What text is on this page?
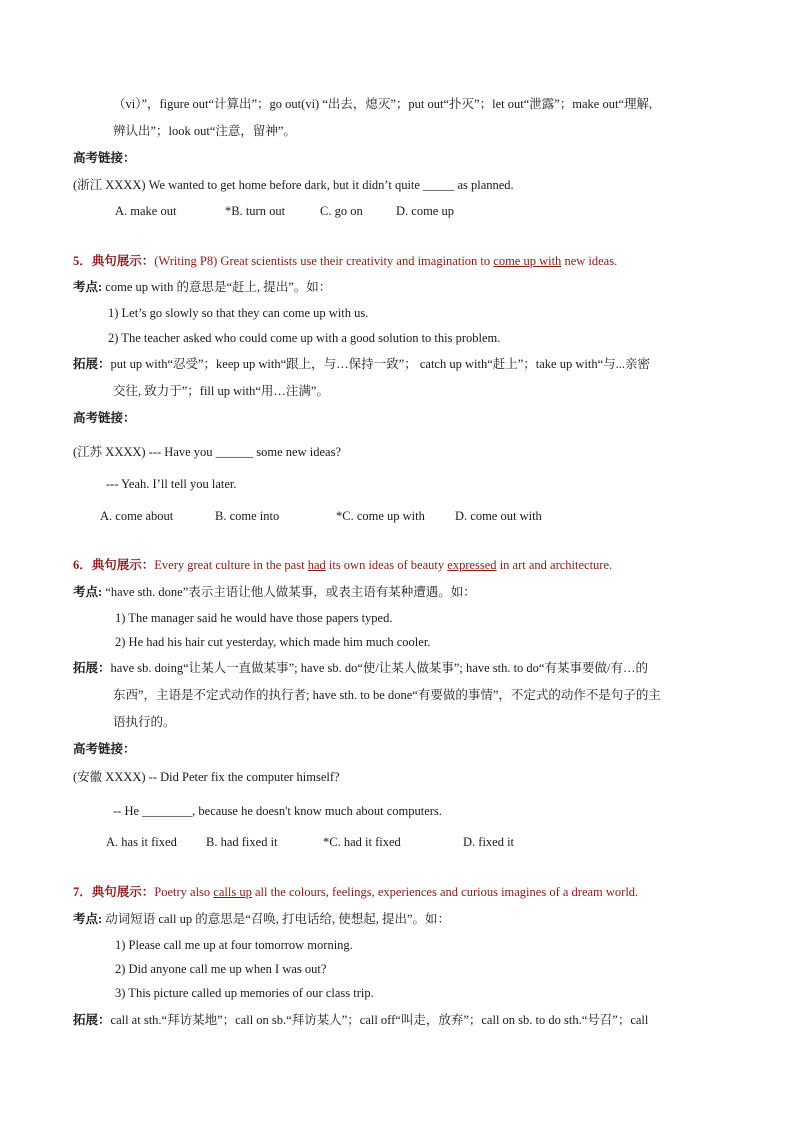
（vi）”，figure out“计算出”；go out(vi) “出去，熄灭”；put out“扑灭”；let out“泄露”；make out“理解,
辨认出”；look out“注意，留神”。
高考链接：
(浙江 XXXX) We wanted to get home before dark, but it didn’t quite _____ as planned.
A. make out	*B. turn out	C. go on	D. come up
5．典句展示：(Writing P8) Great scientists use their creativity and imagination to come up with new ideas.
考点: come up with 的意思是“赶上, 提出”。如：
1) Let’s go slowly so that they can come up with us.
2) The teacher asked who could come up with a good solution to this problem.
拓展：put up with“忍受”；keep up with“跟上，与…保持一致”； catch up with“赶上”；take up with“与...亲密
交往, 致力于”；fill up with“用…注满”。
高考链接：
(江苏 XXXX) --- Have you ______ some new ideas?
--- Yeah. I’ll tell you later.
A. come about	B. come into	*C. come up with D. come out with
6．典句展示：Every great culture in the past had its own ideas of beauty expressed in art and architecture.
考点: “have sth. done”表示主语让他人做某事，或表主语有某种遭遇。如：
1) The manager said he would have those papers typed.
2) He had his hair cut yesterday, which made him much cooler.
拓展：have sb. doing“让某人一直做某事”; have sb. do“使/让某人做某事”; have sth. to do“有某事要做/有…的
东西”，主语是不定式动作的执行者; have sth. to be done“有要做的事情”，不定式的动作不是句子的主
语执行的。
高考链接：
(安徽 XXXX) -- Did Peter fix the computer himself?
-- He ________, because he doesn't know much about computers.
A. has it fixed B. had fixed it	*C. had it fixed	D. fixed it
7．典句展示：Poetry also calls up all the colours, feelings, experiences and curious imagines of a dream world.
考点: 动词短语 call up 的意思是“召唤, 打电话给, 使想起, 提出”。如：
1) Please call me up at four tomorrow morning.
2) Did anyone call me up when I was out?
3) This picture called up memories of our class trip.
拓展：call at sth.“拜访某地”；call on sb.“拜访某人”；call off“叫走，放弃”；call on sb. to do sth.“号召”；call
